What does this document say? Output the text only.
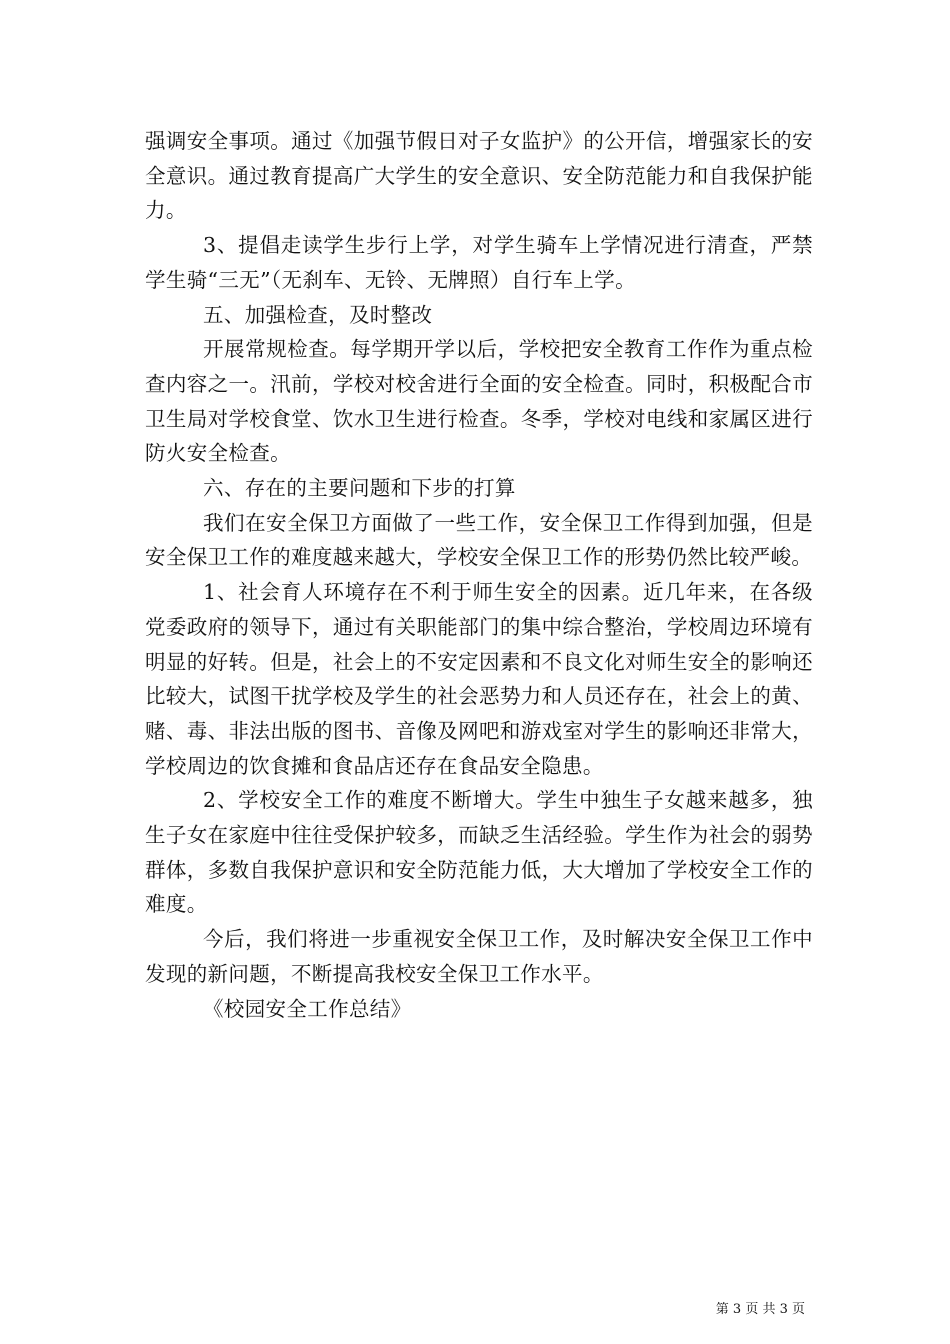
强调安全事项。通过《加强节假日对子女监护》的公开信，增强家长的安全意识。通过教育提高广大学生的安全意识、安全防范能力和自我保护能力。

3、提倡走读学生步行上学，对学生骑车上学情况进行清查，严禁学生骑“三无”（无刹车、无铃、无牌照）自行车上学。

五、加强检查，及时整改

开展常规检查。每学期开学以后，学校把安全教育工作作为重点检查内容之一。汛前，学校对校舍进行全面的安全检查。同时，积极配合市卫生局对学校食堂、饮水卫生进行检查。冬季，学校对电线和家属区进行防火安全检查。

六、存在的主要问题和下步的打算

我们在安全保卫方面做了一些工作，安全保卫工作得到加强，但是安全保卫工作的难度越来越大，学校安全保卫工作的形势仍然比较严峻。

1、社会育人环境存在不利于师生安全的因素。近几年来，在各级党委政府的领导下，通过有关职能部门的集中综合整治，学校周边环境有明显的好转。但是，社会上的不安定因素和不良文化对师生安全的影响还比较大，试图干扰学校及学生的社会恶势力和人员还存在，社会上的黄、赌、毒、非法出版的图书、音像及网吧和游戏室对学生的影响还非常大，学校周边的饮食摊和食品店还存在食品安全隐患。

2、学校安全工作的难度不断增大。学生中独生子女越来越多，独生子女在家庭中往往受保护较多，而缺乏生活经验。学生作为社会的弱势群体，多数自我保护意识和安全防范能力低，大大增加了学校安全工作的难度。

今后，我们将进一步重视安全保卫工作，及时解决安全保卫工作中发现的新问题，不断提高我校安全保卫工作水平。

《校园安全工作总结》

第 3 页 共 3 页
